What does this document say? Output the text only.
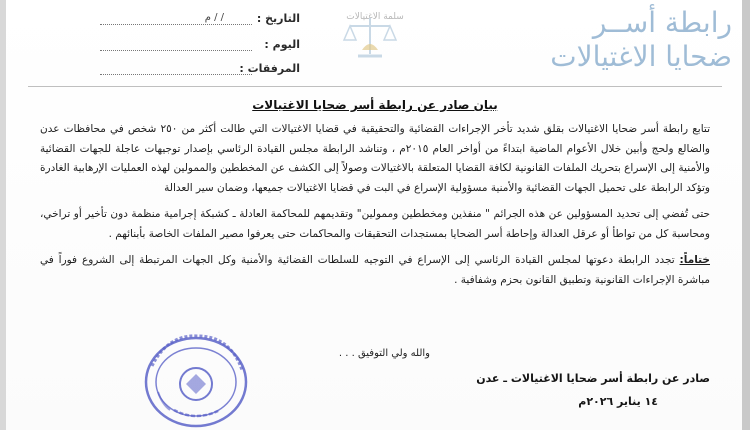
رابطة أســر
ضحايا الاغتيالات
سلمة الاغتيالات
التاريخ :
/ / م
اليوم :
المرفقات :
بيان صادر عن رابطة أسر ضحايا الاغتيالات

تتابع رابطة أسر ضحايا الاغتيالات بقلق شديد تأخر الإجراءات القضائية والتحقيقية في قضايا الاغتيالات التي طالت أكثر من ٢٥٠ شخص في محافظات عدن والضالع ولحج وأبين خلال الأعوام الماضية ابتداءً من أواخر العام ٢٠١٥م ، وتناشد الرابطة مجلس القيادة الرئاسي بإصدار توجيهات عاجلة للجهات القضائية والأمنية إلى الإسراع بتحريك الملفات القانونية لكافة القضايا المتعلقة بالاغتيالات وصولاً إلى الكشف عن المخططين والممولين لهذه العمليات الإرهابية الغادرة وتؤكد الرابطة على تحميل الجهات القضائية والأمنية مسؤولية الإسراع في البت في قضايا الاغتيالات جميعها، وضمان سير العدالة

حتى تُفضي إلى تحديد المسؤولين عن هذه الجرائم " منفذين ومخططين وممولين" وتقديمهم للمحاكمة العادلة ـ كشبكة إجرامية منظمة دون تأخير أو تراخي، ومحاسبة كل من تواطأ أو عرقل العدالة وإحاطة أسر الضحايا بمستجدات التحقيقات والمحاكمات حتى يعرفوا مصير الملفات الخاصة بأبنائهم .

ختاماً: تجدد الرابطة دعوتها لمجلس القيادة الرئاسي إلى الإسراع في التوجيه للسلطات القضائية والأمنية وكل الجهات المرتبطة إلى الشروع فوراً في مباشرة الإجراءات القانونية وتطبيق القانون بحزم وشفافية .

والله ولي التوفيق . . .
صادر عن رابطة أسر ضحايا الاغتيالات ـ عدن
١٤ يناير ٢٠٢٦م
